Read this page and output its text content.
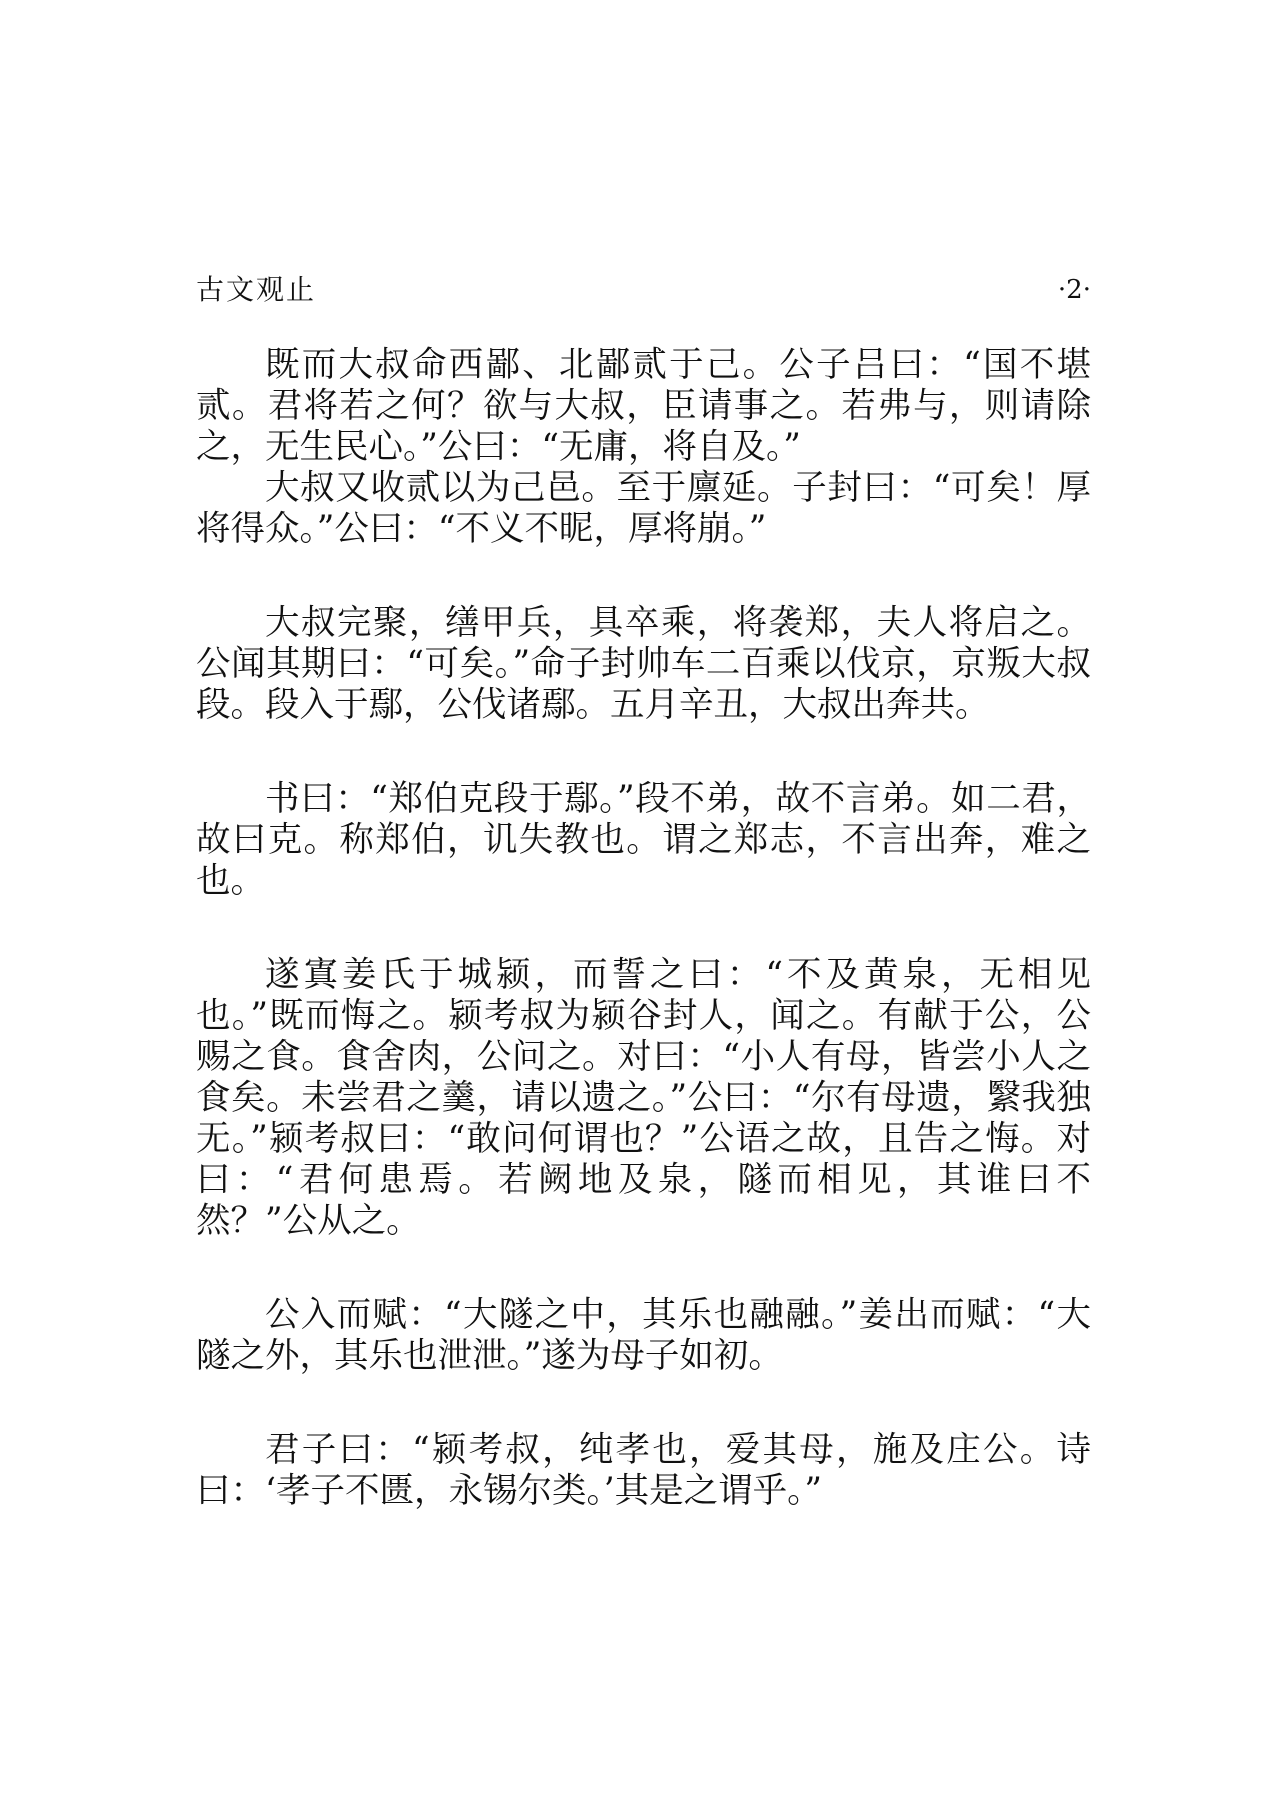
古文观止	·2·

既而大叔命西鄙、北鄙贰于己。公子吕曰：“国不堪贰。君将若之何？欲与大叔，臣请事之。若弗与，则请除之，无生民心。”公曰：“无庸，将自及。”

大叔又收贰以为己邑。至于廪延。子封曰：“可矣！厚将得众。”公曰：“不义不昵，厚将崩。”

大叔完聚，缮甲兵，具卒乘，将袭郑，夫人将启之。公闻其期曰：“可矣。”命子封帅车二百乘以伐京，京叛大叔段。段入于鄢，公伐诸鄢。五月辛丑，大叔出奔共。

书曰：“郑伯克段于鄢。”段不弟，故不言弟。如二君，故曰克。称郑伯，讥失教也。谓之郑志，不言出奔，难之也。

遂寘姜氏于城颍，而誓之曰：“不及黄泉，无相见也。”既而悔之。颍考叔为颍谷封人，闻之。有献于公，公赐之食。食舍肉，公问之。对曰：“小人有母，皆尝小人之食矣。未尝君之羹，请以遗之。”公曰：“尔有母遗，繄我独无。”颍考叔曰：“敢问何谓也？”公语之故，且告之悔。对曰：“君何患焉。若阙地及泉，隧而相见，其谁曰不然？”公从之。

公入而赋：“大隧之中，其乐也融融。”姜出而赋：“大隧之外，其乐也泄泄。”遂为母子如初。

君子曰：“颍考叔，纯孝也，爱其母，施及庄公。诗曰：‘孝子不匮，永锡尔类。’其是之谓乎。”
